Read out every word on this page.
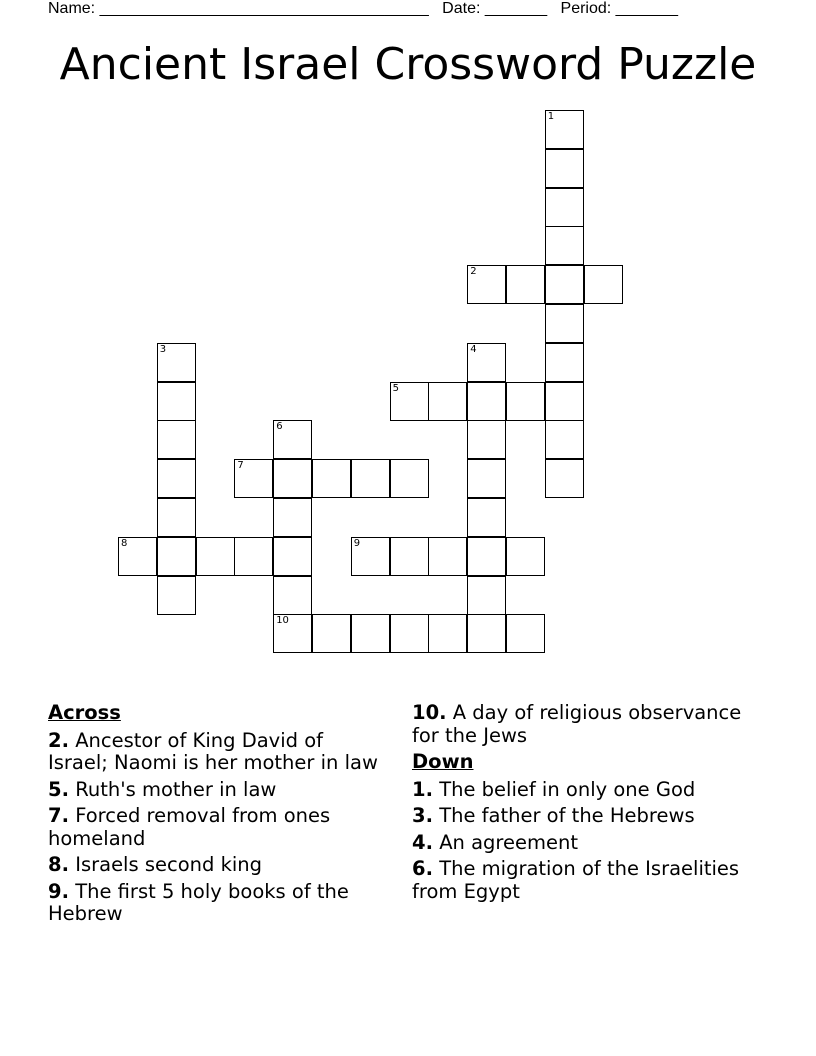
Name: _____________________________________ Date: _______ Period: _______
Ancient Israel Crossword Puzzle
1
2
3	4
5
6
7
8	9
10
Across
2. Ancestor of King David of Israel; Naomi is her mother in law
5. Ruth's mother in law
7. Forced removal from ones homeland
8. Israels second king
9. The first 5 holy books of the Hebrew
10. A day of religious observance for the Jews
Down
1. The belief in only one God
3. The father of the Hebrews
4. An agreement
6. The migration of the Israelities from Egypt
